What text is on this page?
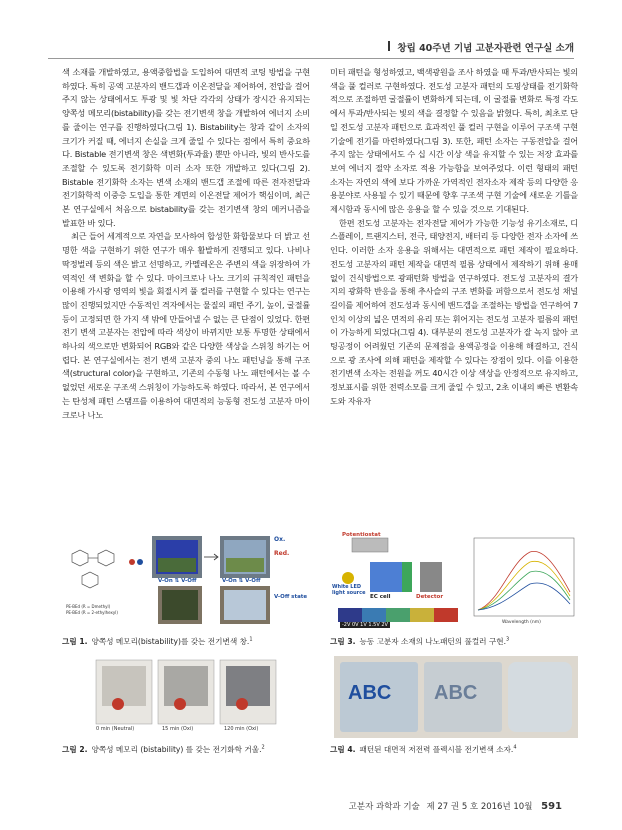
창립 40주년 기념 고분자관련 연구실 소개

색 소재를 개발하였고, 용액중합법을 도입하여 대면적 코팅 방법을 구현하였다. 특히 공액 고분자의 밴드갭과 이온전달을 제어하여, 전압을 걸어주지 않는 상태에서도 투광 및 빛 차단 각각의 상태가 장시간 유지되는 양쪽성 메모리(bistability)를 갖는 전기변색 창을 개발하여 에너지 소비를 줄이는 연구를 진행하였다(그림 1). Bistability는 창과 같이 소자의 크기가 커질 때, 에너지 손실을 크게 줄일 수 있다는 점에서 특히 중요하다. Bistable 전기변색 창은 색변화(투과율) 뿐만 아니라, 빛의 반사도를 조절할 수 있도록 전기화학 미러 소자 또한 개발하고 있다(그림 2). Bistable 전기화학 소자는 변색 소재의 밴드갭 조절에 따른 전자전달과 전기화학적 이중층 도입을 통한 계면의 이온전달 제어가 핵심이며, 최근 본 연구실에서 처음으로 bistability를 갖는 전기변색 창의 메커니즘을 발표한 바 있다.

최근 들어 세계적으로 자연을 모사하여 합성한 화합물보다 더 밝고 선명한 색을 구현하기 위한 연구가 매우 활발하게 진행되고 있다. 나비나 딱정벌레 등의 색은 밝고 선명하고, 카멜레온은 주변의 색을 위장하여 가역적인 색 변화을 할 수 있다. 마이크로나 나노 크기의 규칙적인 패턴을 이용해 가시광 영역의 빛을 회절시켜 풀 컬러를 구현할 수 있다는 연구는 많이 진행되었지만 수동적인 격자에서는 물질의 패턴 주기, 높이, 굴절률 등이 고정되면 한 가지 색 밖에 만들어낼 수 없는 큰 단점이 있었다. 한편 전기 변색 고분자는 전압에 따라 색상이 바뀌지만 보통 투명한 상태에서 하나의 색으로만 변화되어 RGB와 같은 다양한 색상을 스위칭 하기는 어렵다. 본 연구실에서는 전기 변색 고분자 중의 나노 패턴닝을 통해 구조색(structural color)을 구현하고, 기존의 수동형 나노 패턴에서는 볼 수 없었던 새로운 구조색 스위칭이 가능하도록 하였다. 따라서, 본 연구에서는 탄성체 패턴 스탬프를 이용하여 대면적의 능동형 전도성 고분자 마이크로나 나노

미터 패턴을 형성하였고, 백색광원을 조사 하였을 때 투과/반사되는 빛의 색을 풀 컬러로 구현하였다. 전도성 고분자 패턴의 도핑상태를 전기화학적으로 조절하면 굴절률이 변화하게 되는데, 이 굴절률 변화로 특정 각도에서 투과/반사되는 빛의 색을 결정할 수 있음을 밝혔다. 특히, 최초로 단일 전도성 고분자 패턴으로 효과적인 풀 컬러 구현을 이루어 구조색 구현 기술에 전기를 마련하였다(그림 3). 또한, 패턴 소자는 구동전압을 걸어주지 않는 상태에서도 수 십 시간 이상 색을 유지할 수 있는 저장 효과를 보여 에너지 절약 소자로 적용 가능함을 보여주었다. 이런 형태의 패턴 소자는 자연의 색에 보다 가까운 가역적인 전자소자 제작 등의 다양한 응용분야로 사용될 수 있기 때문에 향후 구조색 구현 기술에 새로운 기틀을 제시함과 동시에 많은 응용을 할 수 있을 것으로 기대된다.

한편 전도성 고분자는 전자전달 제어가 가능한 기능성 유기소재로, 디스플레이, 트랜지스터, 전극, 태양전지, 배터리 등 다양한 전자 소자에 쓰인다. 이러한 소자 응용을 위해서는 대면적으로 패턴 제작이 필요하다. 전도성 고분자의 패턴 제작을 대면적 필름 상태에서 제작하기 위해 용매 없이 건식방법으로 광패턴화 방법을 연구하였다. 전도성 고분자의 결가지의 광화학 반응을 통해 추사슬의 구조 변화를 퍼함으로서 전도성 채널 길이를 제어하여 전도성과 동시에 밴드갭을 조절하는 방법을 연구하여 7인치 이상의 넓은 면적의 유리 또는 휘어지는 전도성 고분자 필름의 패턴이 가능하게 되었다(그림 4). 대부분의 전도성 고분자가 잘 녹지 않아 코팅공정이 어려웠던 기존의 문제점을 용액공정을 이용해 해결하고, 건식으로 광 조사에 의해 패턴을 제작할 수 있다는 장점이 있다. 이를 이용한 전기변색 소자는 전원을 꺼도 40시간 이상 색상을 안정적으로 유지하고, 정보표시를 위한 전력소모를 크게 줄일 수 있고, 2초 이내의 빠른 변환속도와 자유자

Ox.
Red.
V-On ⇅ V-Off	V-On ⇅ V-Off
V-Off state
PE-BEd (R = Dmethyl)
PE-BEd (R = 2-ethylhexyl)
그림 1. 양쪽성 메모리(bistability)를 갖는 전기변색 창.$^1$
0 min (Neutral)	15 min (Oxi)	120 min (Oxi)
그림 2. 양쪽성 메모리 (bistability) 를 갖는 전기화학 거울.$^2$
Potentiostat
White LED light source
EC cell	Detector
-2V 0V 1V 1.5V 2V	Wavelength (nm)
그림 3. 능동 고분자 소재의 나노패턴의 풀컬러 구현.$^3$
ABC ABC
그림 4. 패턴된 대면적 저전력 플렉시블 전기변색 소자.$^4$
고분자 과학과 기술 제 27 권 5 호 2016년 10월 591
